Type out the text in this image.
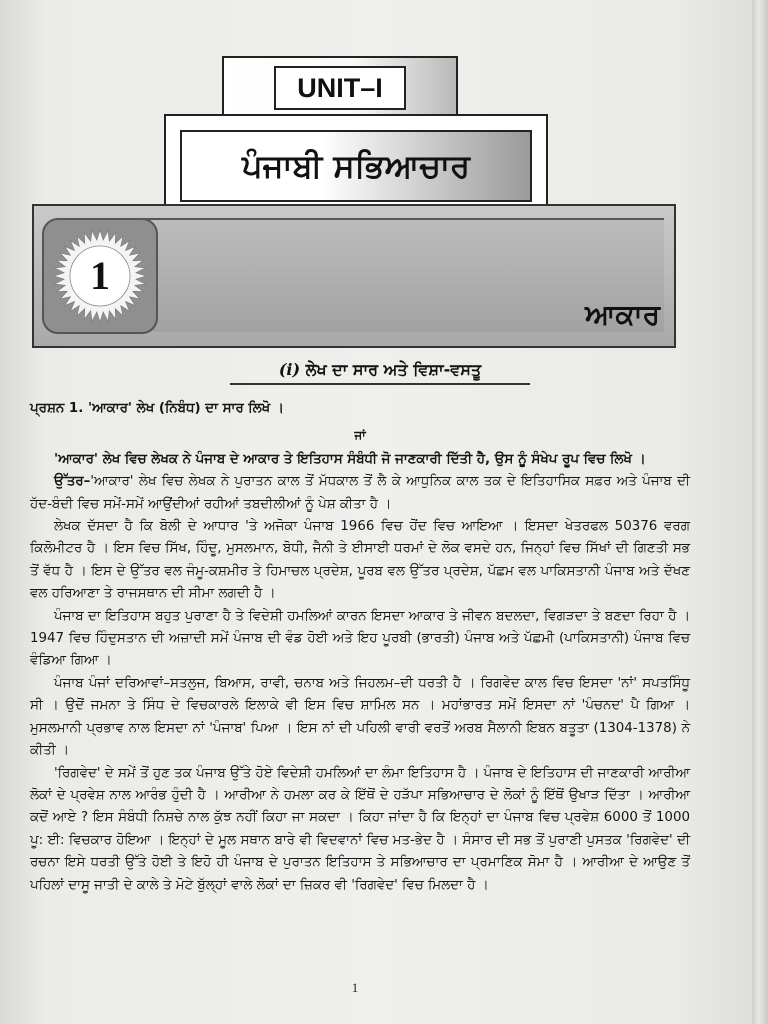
UNIT–I
ਪੰਜਾਬੀ ਸਭਿਆਚਾਰ
1
ਆਕਾਰ
(i) ਲੇਖ ਦਾ ਸਾਰ ਅਤੇ ਵਿਸ਼ਾ-ਵਸਤੂ

ਪ੍ਰਸ਼ਨ 1. 'ਆਕਾਰ' ਲੇਖ (ਨਿਬੰਧ) ਦਾ ਸਾਰ ਲਿਖੋ ।

ਜਾਂ

'ਆਕਾਰ' ਲੇਖ ਵਿਚ ਲੇਖਕ ਨੇ ਪੰਜਾਬ ਦੇ ਆਕਾਰ ਤੇ ਇਤਿਹਾਸ ਸੰਬੰਧੀ ਜੋ ਜਾਣਕਾਰੀ ਦਿੱਤੀ ਹੈ, ਉਸ ਨੂੰ ਸੰਖੇਪ ਰੂਪ ਵਿਚ ਲਿਖੋ ।

ਉੱਤਰ–'ਆਕਾਰ' ਲੇਖ ਵਿਚ ਲੇਖਕ ਨੇ ਪੁਰਾਤਨ ਕਾਲ ਤੋਂ ਮੱਧਕਾਲ ਤੋਂ ਲੈ ਕੇ ਆਧੁਨਿਕ ਕਾਲ ਤਕ ਦੇ ਇਤਿਹਾਸਿਕ ਸਫ਼ਰ ਅਤੇ ਪੰਜਾਬ ਦੀ ਹੱਦ-ਬੰਦੀ ਵਿਚ ਸਮੇਂ-ਸਮੇਂ ਆਉਂਦੀਆਂ ਰਹੀਆਂ ਤਬਦੀਲੀਆਂ ਨੂੰ ਪੇਸ਼ ਕੀਤਾ ਹੈ ।

ਲੇਖਕ ਦੱਸਦਾ ਹੈ ਕਿ ਬੋਲੀ ਦੇ ਆਧਾਰ 'ਤੇ ਅਜੋਕਾ ਪੰਜਾਬ 1966 ਵਿਚ ਹੋਂਦ ਵਿਚ ਆਇਆ । ਇਸਦਾ ਖੇਤਰਫਲ 50376 ਵਰਗ ਕਿਲੋਮੀਟਰ ਹੈ । ਇਸ ਵਿਚ ਸਿੱਖ, ਹਿੰਦੂ, ਮੁਸਲਮਾਨ, ਬੋਧੀ, ਜੈਨੀ ਤੇ ਈਸਾਈ ਧਰਮਾਂ ਦੇ ਲੋਕ ਵਸਦੇ ਹਨ, ਜਿਨ੍ਹਾਂ ਵਿਚ ਸਿੱਖਾਂ ਦੀ ਗਿਣਤੀ ਸਭ ਤੋਂ ਵੱਧ ਹੈ । ਇਸ ਦੇ ਉੱਤਰ ਵਲ ਜੰਮੂ-ਕਸ਼ਮੀਰ ਤੇ ਹਿਮਾਚਲ ਪ੍ਰਦੇਸ਼, ਪੂਰਬ ਵਲ ਉੱਤਰ ਪ੍ਰਦੇਸ਼, ਪੱਛਮ ਵਲ ਪਾਕਿਸਤਾਨੀ ਪੰਜਾਬ ਅਤੇ ਦੱਖਣ ਵਲ ਹਰਿਆਣਾ ਤੇ ਰਾਜਸਥਾਨ ਦੀ ਸੀਮਾ ਲਗਦੀ ਹੈ ।

ਪੰਜਾਬ ਦਾ ਇਤਿਹਾਸ ਬਹੁਤ ਪੁਰਾਣਾ ਹੈ ਤੇ ਵਿਦੇਸ਼ੀ ਹਮਲਿਆਂ ਕਾਰਨ ਇਸਦਾ ਆਕਾਰ ਤੇ ਜੀਵਨ ਬਦਲਦਾ, ਵਿਗੜਦਾ ਤੇ ਬਣਦਾ ਰਿਹਾ ਹੈ । 1947 ਵਿਚ ਹਿੰਦੁਸਤਾਨ ਦੀ ਅਜ਼ਾਦੀ ਸਮੇਂ ਪੰਜਾਬ ਦੀ ਵੰਡ ਹੋਈ ਅਤੇ ਇਹ ਪੂਰਬੀ (ਭਾਰਤੀ) ਪੰਜਾਬ ਅਤੇ ਪੱਛਮੀ (ਪਾਕਿਸਤਾਨੀ) ਪੰਜਾਬ ਵਿਚ ਵੰਡਿਆ ਗਿਆ ।

ਪੰਜਾਬ ਪੰਜਾਂ ਦਰਿਆਵਾਂ–ਸਤਲੁਜ, ਬਿਆਸ, ਰਾਵੀ, ਚਨਾਬ ਅਤੇ ਜਿਹਲਮ–ਦੀ ਧਰਤੀ ਹੈ । ਰਿਗਵੇਦ ਕਾਲ ਵਿਚ ਇਸਦਾ 'ਨਾਂ' ਸਪਤਸਿੰਧੂ ਸੀ । ਉਦੋਂ ਜਮਨਾ ਤੇ ਸਿੰਧ ਦੇ ਵਿਚਕਾਰਲੇ ਇਲਾਕੇ ਵੀ ਇਸ ਵਿਚ ਸ਼ਾਮਿਲ ਸਨ । ਮਹਾਂਭਾਰਤ ਸਮੇਂ ਇਸਦਾ ਨਾਂ 'ਪੰਚਨਦ' ਪੈ ਗਿਆ । ਮੁਸਲਮਾਨੀ ਪ੍ਰਭਾਵ ਨਾਲ ਇਸਦਾ ਨਾਂ 'ਪੰਜਾਬ' ਪਿਆ । ਇਸ ਨਾਂ ਦੀ ਪਹਿਲੀ ਵਾਰੀ ਵਰਤੋਂ ਅਰਬ ਸੈਲਾਨੀ ਇਬਨ ਬਤੂਤਾ (1304-1378) ਨੇ ਕੀਤੀ ।

'ਰਿਗਵੇਦ' ਦੇ ਸਮੇਂ ਤੋਂ ਹੁਣ ਤਕ ਪੰਜਾਬ ਉੱਤੇ ਹੋਏ ਵਿਦੇਸ਼ੀ ਹਮਲਿਆਂ ਦਾ ਲੰਮਾ ਇਤਿਹਾਸ ਹੈ । ਪੰਜਾਬ ਦੇ ਇਤਿਹਾਸ ਦੀ ਜਾਣਕਾਰੀ ਆਰੀਆ ਲੋਕਾਂ ਦੇ ਪ੍ਰਵੇਸ਼ ਨਾਲ ਆਰੰਭ ਹੁੰਦੀ ਹੈ । ਆਰੀਆ ਨੇ ਹਮਲਾ ਕਰ ਕੇ ਇੱਥੋਂ ਦੇ ਹੜੱਪਾ ਸਭਿਆਚਾਰ ਦੇ ਲੋਕਾਂ ਨੂੰ ਇੱਥੋਂ ਉਖਾੜ ਦਿੱਤਾ । ਆਰੀਆ ਕਦੋਂ ਆਏ ? ਇਸ ਸੰਬੰਧੀ ਨਿਸ਼ਚੇ ਨਾਲ ਕੁੱਝ ਨਹੀਂ ਕਿਹਾ ਜਾ ਸਕਦਾ । ਕਿਹਾ ਜਾਂਦਾ ਹੈ ਕਿ ਇਨ੍ਹਾਂ ਦਾ ਪੰਜਾਬ ਵਿਚ ਪ੍ਰਵੇਸ਼ 6000 ਤੋਂ 1000 ਪੂ: ਈ: ਵਿਚਕਾਰ ਹੋਇਆ । ਇਨ੍ਹਾਂ ਦੇ ਮੂਲ ਸਥਾਨ ਬਾਰੇ ਵੀ ਵਿਦਵਾਨਾਂ ਵਿਚ ਮਤ-ਭੇਦ ਹੈ । ਸੰਸਾਰ ਦੀ ਸਭ ਤੋਂ ਪੁਰਾਣੀ ਪੁਸਤਕ 'ਰਿਗਵੇਦ' ਦੀ ਰਚਨਾ ਇਸੇ ਧਰਤੀ ਉੱਤੇ ਹੋਈ ਤੇ ਇਹੋ ਹੀ ਪੰਜਾਬ ਦੇ ਪੁਰਾਤਨ ਇਤਿਹਾਸ ਤੇ ਸਭਿਆਚਾਰ ਦਾ ਪ੍ਰਮਾਣਿਕ ਸੋਮਾ ਹੈ । ਆਰੀਆ ਦੇ ਆਉਣ ਤੋਂ ਪਹਿਲਾਂ ਦਾਸੂ ਜਾਤੀ ਦੇ ਕਾਲੇ ਤੇ ਮੋਟੇ ਬੁੱਲ੍ਹਾਂ ਵਾਲੇ ਲੋਕਾਂ ਦਾ ਜ਼ਿਕਰ ਵੀ 'ਰਿਗਵੇਦ' ਵਿਚ ਮਿਲਦਾ ਹੈ ।

1
